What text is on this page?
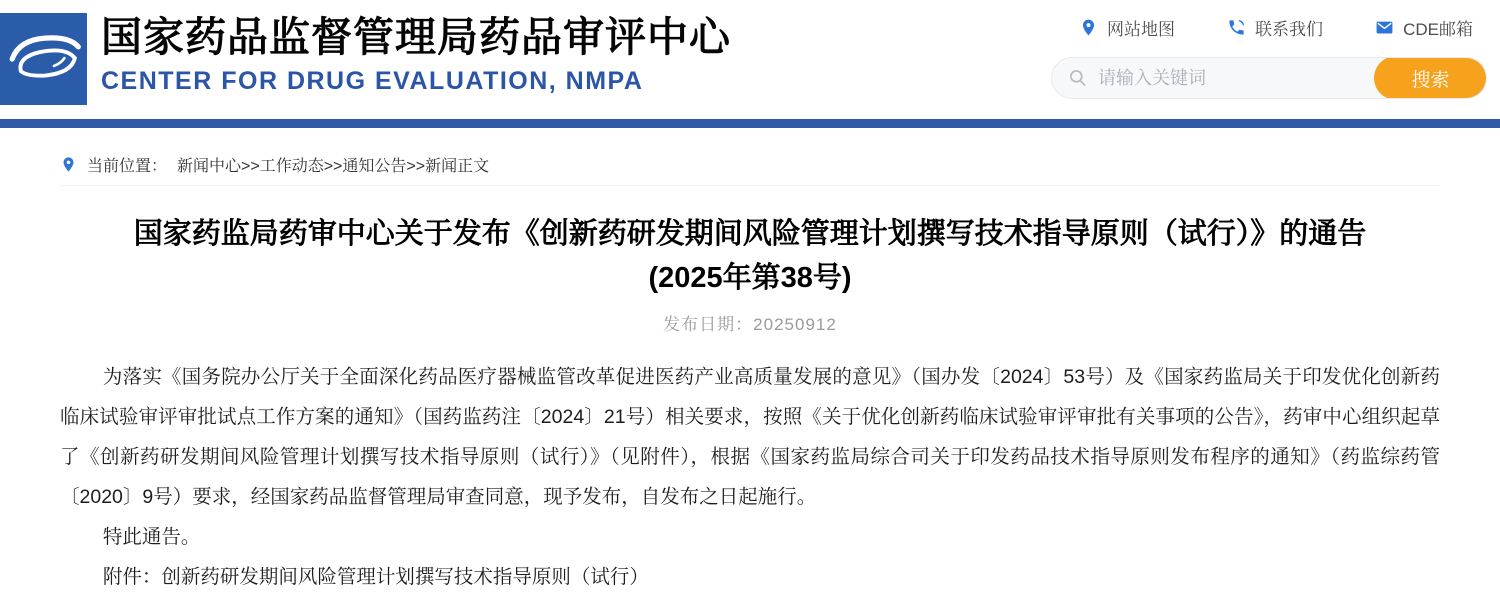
国家药品监督管理局药品审评中心
CENTER FOR DRUG EVALUATION, NMPA
网站地图	联系我们	CDE邮箱
请输入关键词
搜索
当前位置： 新闻中心>>工作动态>>通知公告>>新闻正文
国家药监局药审中心关于发布《创新药研发期间风险管理计划撰写技术指导原则（试行）》的通告
(2025年第38号)
发布日期：20250912

为落实《国务院办公厅关于全面深化药品医疗器械监管改革促进医药产业高质量发展的意见》（国办发〔2024〕53号）及《国家药监局关于印发优化创新药临床试验审评审批试点工作方案的通知》（国药监药注〔2024〕21号）相关要求，按照《关于优化创新药临床试验审评审批有关事项的公告》，药审中心组织起草了《创新药研发期间风险管理计划撰写技术指导原则（试行）》（见附件），根据《国家药监局综合司关于印发药品技术指导原则发布程序的通知》（药监综药管〔2020〕9号）要求，经国家药品监督管理局审查同意，现予发布，自发布之日起施行。

特此通告。

附件：创新药研发期间风险管理计划撰写技术指导原则（试行）
